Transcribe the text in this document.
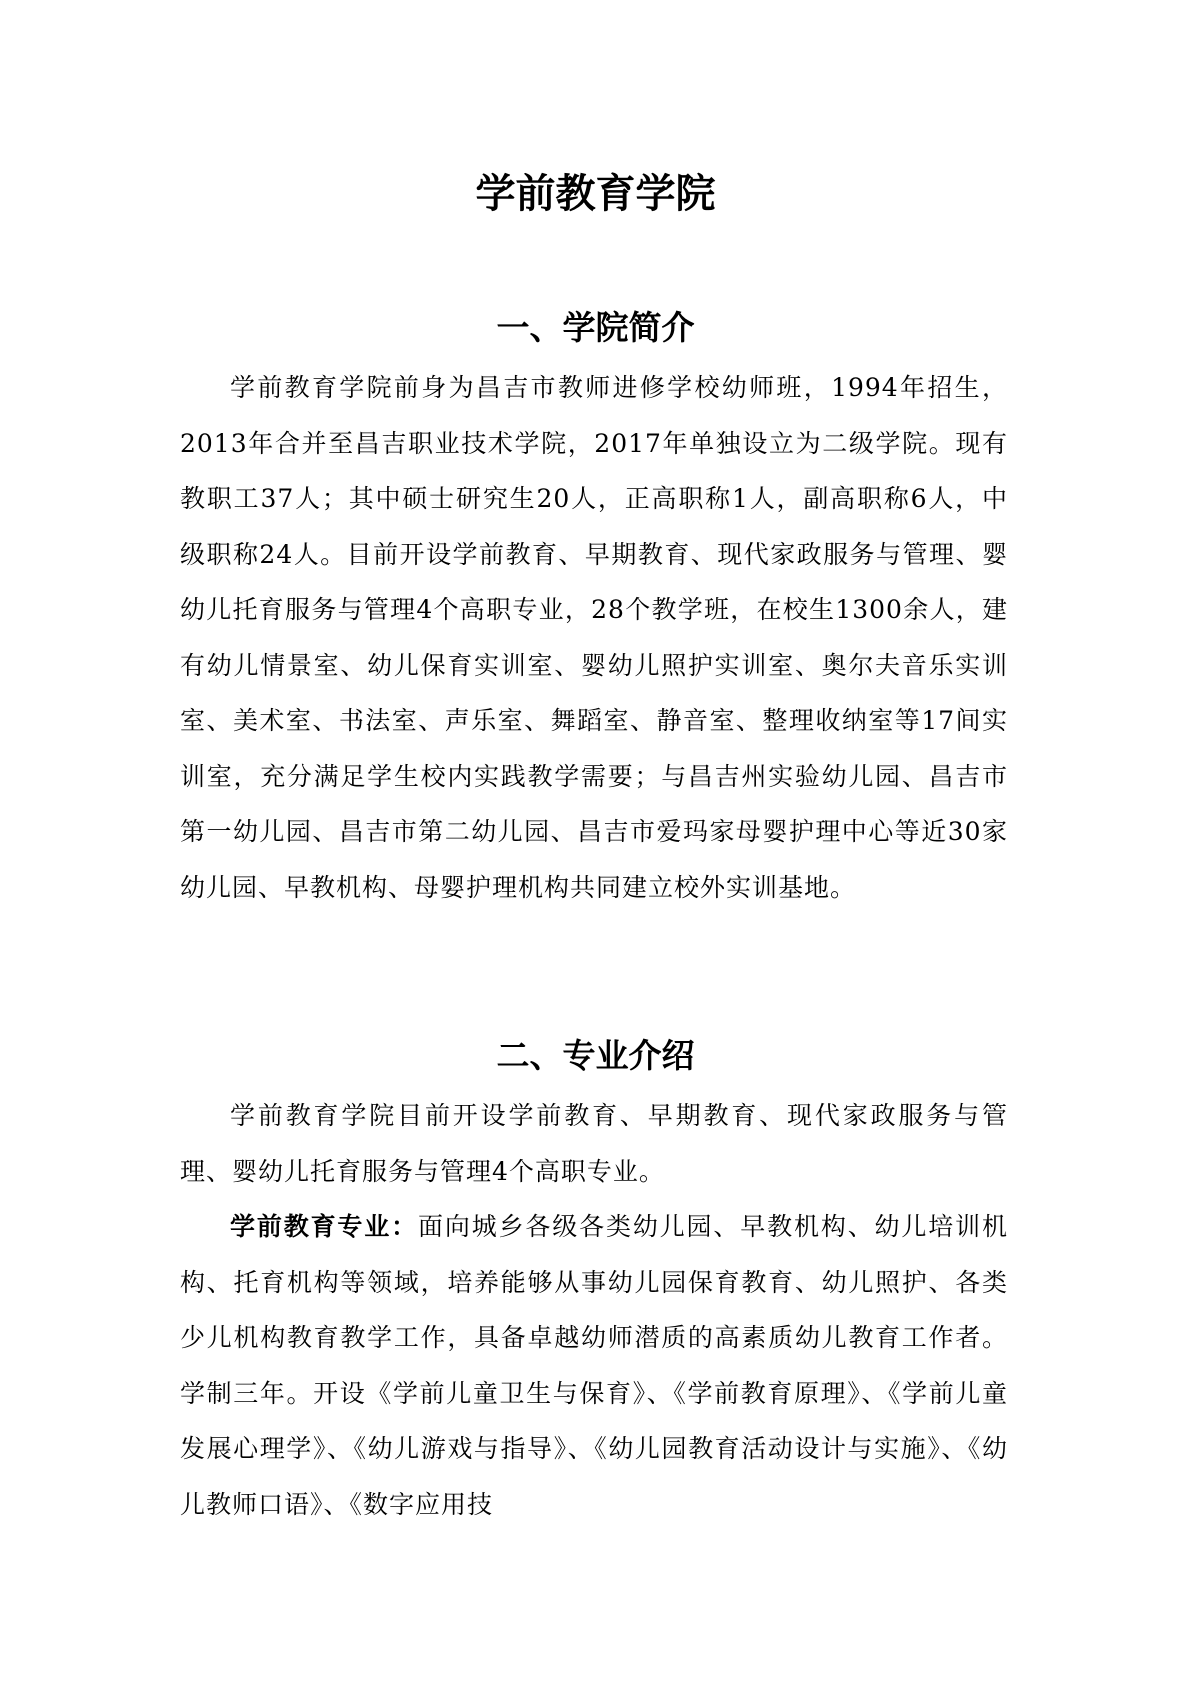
学前教育学院
一、学院简介

学前教育学院前身为昌吉市教师进修学校幼师班，1994年招生，2013年合并至昌吉职业技术学院，2017年单独设立为二级学院。现有教职工37人；其中硕士研究生20人，正高职称1人，副高职称6人，中级职称24人。目前开设学前教育、早期教育、现代家政服务与管理、婴幼儿托育服务与管理4个高职专业，28个教学班，在校生1300余人，建有幼儿情景室、幼儿保育实训室、婴幼儿照护实训室、奥尔夫音乐实训室、美术室、书法室、声乐室、舞蹈室、静音室、整理收纳室等17间实训室，充分满足学生校内实践教学需要；与昌吉州实验幼儿园、昌吉市第一幼儿园、昌吉市第二幼儿园、昌吉市爱玛家母婴护理中心等近30家幼儿园、早教机构、母婴护理机构共同建立校外实训基地。

二、专业介绍

学前教育学院目前开设学前教育、早期教育、现代家政服务与管理、婴幼儿托育服务与管理4个高职专业。

学前教育专业：面向城乡各级各类幼儿园、早教机构、幼儿培训机构、托育机构等领域，培养能够从事幼儿园保育教育、幼儿照护、各类少儿机构教育教学工作，具备卓越幼师潜质的高素质幼儿教育工作者。学制三年。开设《学前儿童卫生与保育》、《学前教育原理》、《学前儿童发展心理学》、《幼儿游戏与指导》、《幼儿园教育活动设计与实施》、《幼儿教师口语》、《数字应用技
